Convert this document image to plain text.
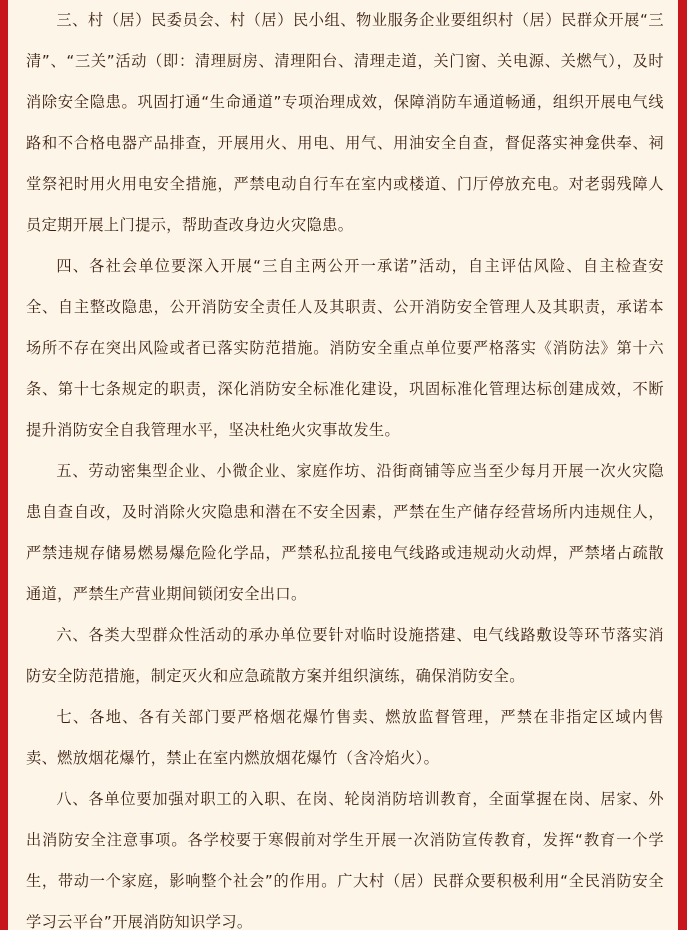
三、村（居）民委员会、村（居）民小组、物业服务企业要组织村（居）民群众开展“三清”、“三关”活动（即：清理厨房、清理阳台、清理走道，关门窗、关电源、关燃气），及时消除安全隐患。巩固打通“生命通道”专项治理成效，保障消防车通道畅通，组织开展电气线路和不合格电器产品排查，开展用火、用电、用气、用油安全自查，督促落实神龛供奉、祠堂祭祀时用火用电安全措施，严禁电动自行车在室内或楼道、门厅停放充电。对老弱残障人员定期开展上门提示，帮助查改身边火灾隐患。

四、各社会单位要深入开展“三自主两公开一承诺”活动，自主评估风险、自主检查安全、自主整改隐患，公开消防安全责任人及其职责、公开消防安全管理人及其职责，承诺本场所不存在突出风险或者已落实防范措施。消防安全重点单位要严格落实《消防法》第十六条、第十七条规定的职责，深化消防安全标准化建设，巩固标准化管理达标创建成效，不断提升消防安全自我管理水平，坚决杜绝火灾事故发生。

五、劳动密集型企业、小微企业、家庭作坊、沿街商铺等应当至少每月开展一次火灾隐患自查自改，及时消除火灾隐患和潜在不安全因素，严禁在生产储存经营场所内违规住人，严禁违规存储易燃易爆危险化学品，严禁私拉乱接电气线路或违规动火动焊，严禁堵占疏散通道，严禁生产营业期间锁闭安全出口。

六、各类大型群众性活动的承办单位要针对临时设施搭建、电气线路敷设等环节落实消防安全防范措施，制定灭火和应急疏散方案并组织演练，确保消防安全。

七、各地、各有关部门要严格烟花爆竹售卖、燃放监督管理，严禁在非指定区域内售卖、燃放烟花爆竹，禁止在室内燃放烟花爆竹（含冷焰火）。

八、各单位要加强对职工的入职、在岗、轮岗消防培训教育，全面掌握在岗、居家、外出消防安全注意事项。各学校要于寒假前对学生开展一次消防宣传教育，发挥“教育一个学生，带动一个家庭，影响整个社会”的作用。广大村（居）民群众要积极利用“全民消防安全学习云平台”开展消防知识学习。
